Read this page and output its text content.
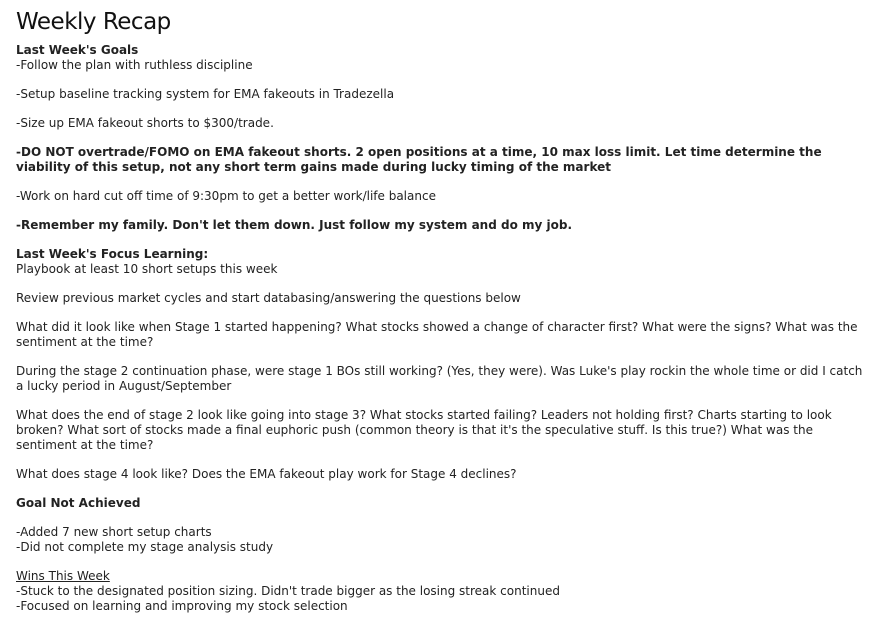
Weekly Recap
Last Week's Goals
-Follow the plan with ruthless discipline
-Setup baseline tracking system for EMA fakeouts in Tradezella
-Size up EMA fakeout shorts to $300/trade.
-DO NOT overtrade/FOMO on EMA fakeout shorts. 2 open positions at a time, 10 max loss limit. Let time determine the viability of this setup, not any short term gains made during lucky timing of the market
-Work on hard cut off time of 9:30pm to get a better work/life balance
-Remember my family. Don't let them down. Just follow my system and do my job.
Last Week's Focus Learning:
Playbook at least 10 short setups this week
Review previous market cycles and start databasing/answering the questions below
What did it look like when Stage 1 started happening? What stocks showed a change of character first? What were the signs? What was the sentiment at the time?
During the stage 2 continuation phase, were stage 1 BOs still working? (Yes, they were). Was Luke's play rockin the whole time or did I catch a lucky period in August/September
What does the end of stage 2 look like going into stage 3? What stocks started failing? Leaders not holding first? Charts starting to look broken? What sort of stocks made a final euphoric push (common theory is that it's the speculative stuff. Is this true?) What was the sentiment at the time?
What does stage 4 look like? Does the EMA fakeout play work for Stage 4 declines?
Goal Not Achieved
-Added 7 new short setup charts
-Did not complete my stage analysis study
Wins This Week
-Stuck to the designated position sizing. Didn't trade bigger as the losing streak continued
-Focused on learning and improving my stock selection
